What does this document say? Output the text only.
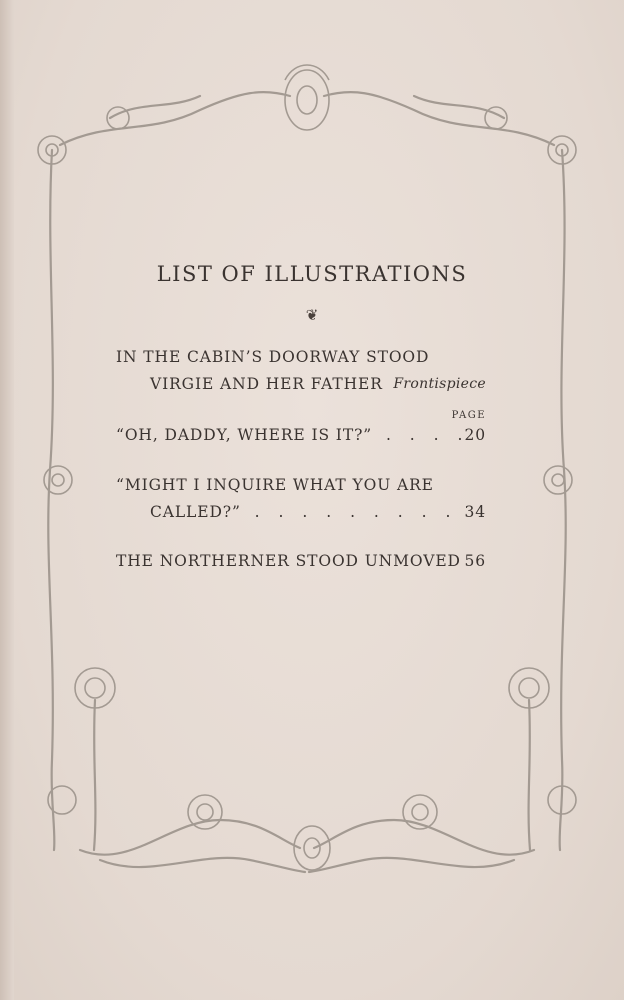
LIST OF ILLUSTRATIONS
❦
IN THE CABIN’S DOORWAY STOOD
VIRGIE AND HER FATHER Frontispiece
PAGE
“OH, DADDY, WHERE IS IT?” . . . .
20
“MIGHT I INQUIRE WHAT YOU ARE
CALLED?” . . . . . . . . . 34
THE NORTHERNER STOOD UNMOVED 56
